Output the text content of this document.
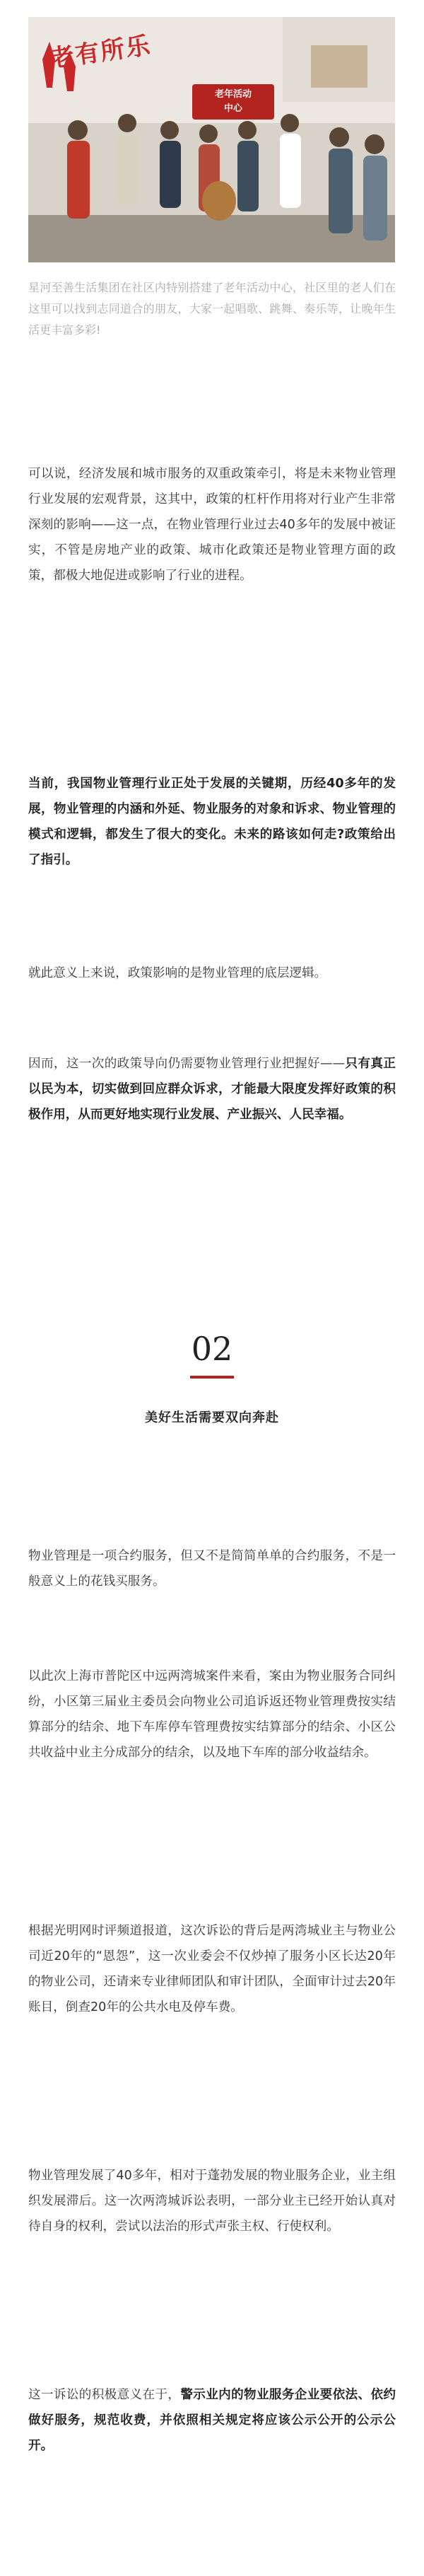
老有所乐
老年活动
中心
星河至善生活集团在社区内特别搭建了老年活动中心，社区里的老人们在这里可以找到志同道合的朋友，大家一起唱歌、跳舞、奏乐等，让晚年生活更丰富多彩!

可以说，经济发展和城市服务的双重政策牵引，将是未来物业管理行业发展的宏观背景，这其中，政策的杠杆作用将对行业产生非常深刻的影响——这一点，在物业管理行业过去40多年的发展中被证实，不管是房地产业的政策、城市化政策还是物业管理方面的政策，都极大地促进或影响了行业的进程。

当前，我国物业管理行业正处于发展的关键期，历经40多年的发展，物业管理的内涵和外延、物业服务的对象和诉求、物业管理的模式和逻辑，都发生了很大的变化。未来的路该如何走?政策给出了指引。

就此意义上来说，政策影响的是物业管理的底层逻辑。

因而，这一次的政策导向仍需要物业管理行业把握好——只有真正以民为本，切实做到回应群众诉求，才能最大限度发挥好政策的积极作用，从而更好地实现行业发展、产业振兴、人民幸福。

02
美好生活需要双向奔赴

物业管理是一项合约服务，但又不是简简单单的合约服务，不是一般意义上的花钱买服务。

以此次上海市普陀区中远两湾城案件来看，案由为物业服务合同纠纷，小区第三届业主委员会向物业公司追诉返还物业管理费按实结算部分的结余、地下车库停车管理费按实结算部分的结余、小区公共收益中业主分成部分的结余，以及地下车库的部分收益结余。

根据光明网时评频道报道，这次诉讼的背后是两湾城业主与物业公司近20年的“恩怨”，这一次业委会不仅炒掉了服务小区长达20年的物业公司，还请来专业律师团队和审计团队，全面审计过去20年账目，倒查20年的公共水电及停车费。

物业管理发展了40多年，相对于蓬勃发展的物业服务企业，业主组织发展滞后。这一次两湾城诉讼表明，一部分业主已经开始认真对待自身的权利，尝试以法治的形式声张主权、行使权利。

这一诉讼的积极意义在于，警示业内的物业服务企业要依法、依约做好服务，规范收费，并依照相关规定将应该公示公开的公示公开。
